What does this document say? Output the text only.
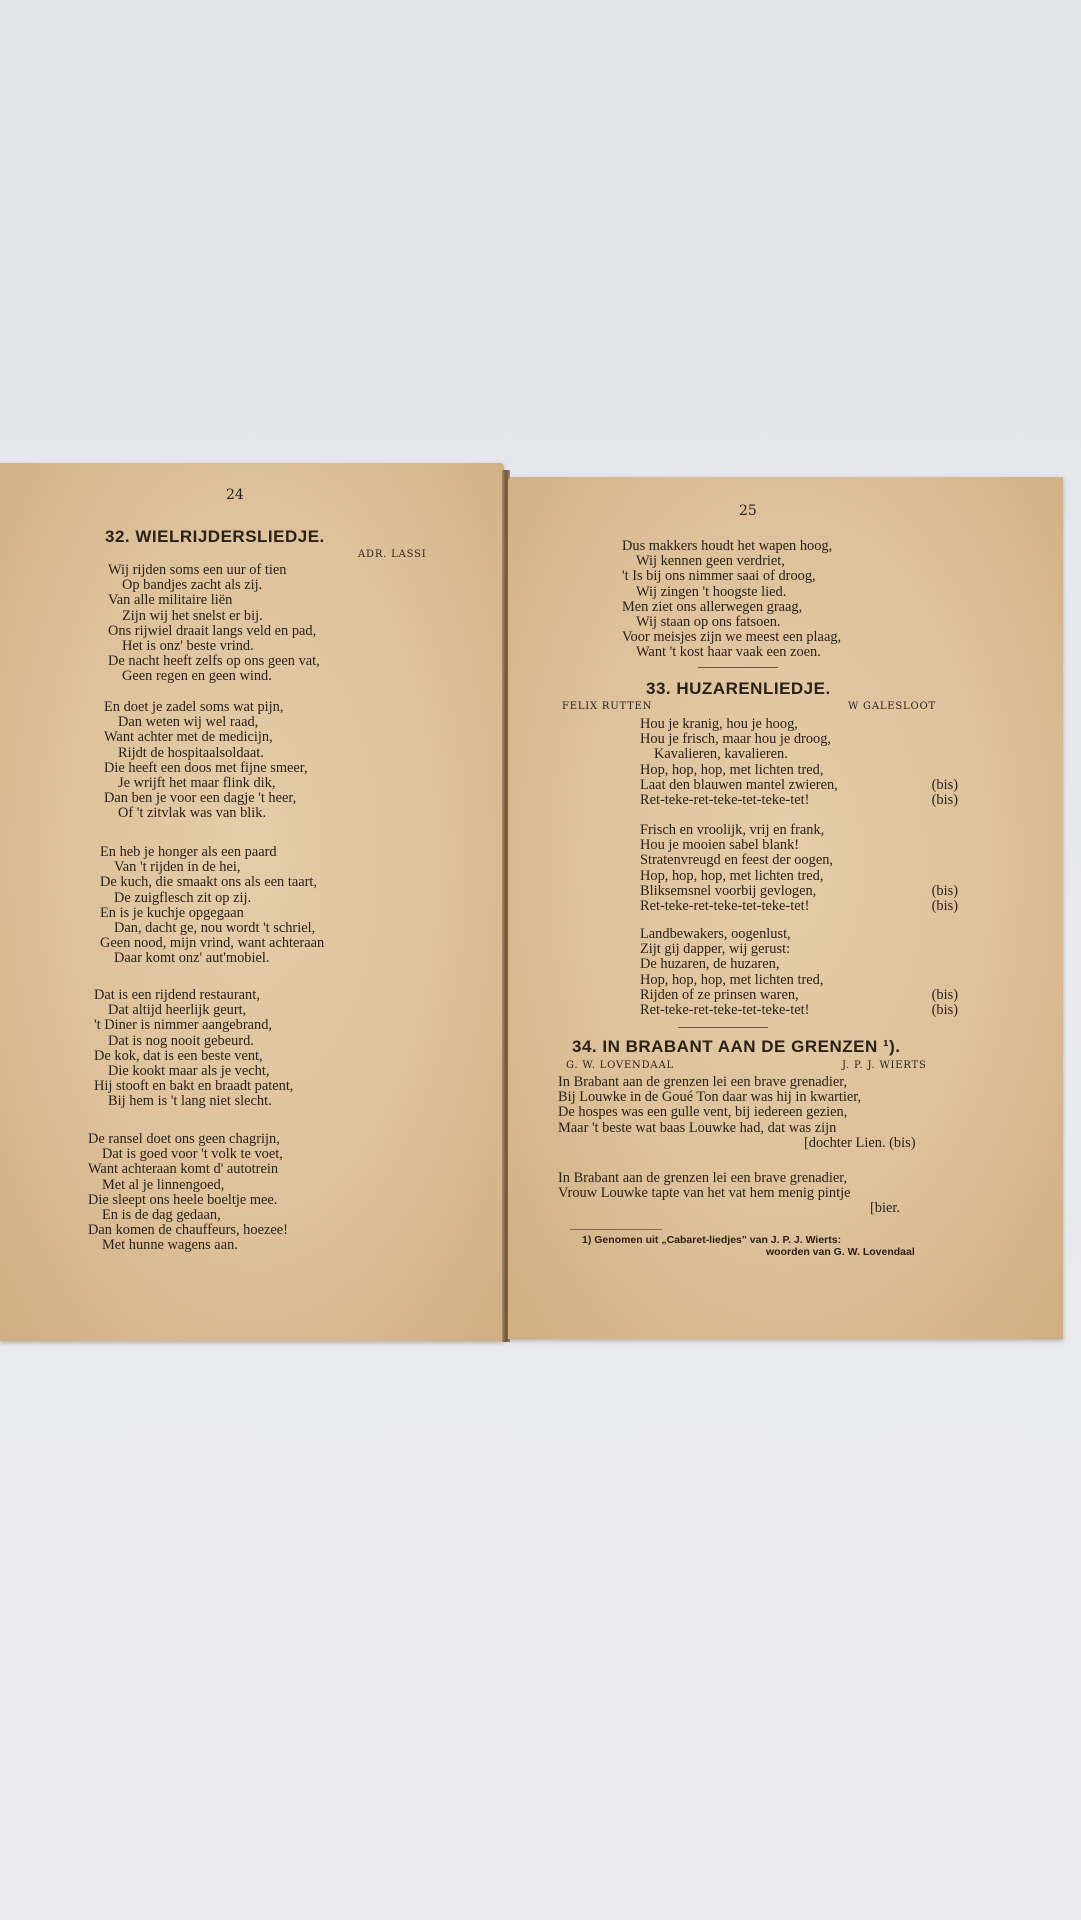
24
32. WIELRIJDERSLIEDJE.
ADR. LASSI
Wij rijden soms een uur of tien
Op bandjes zacht als zij.
Van alle militaire liën
Zijn wij het snelst er bij.
Ons rijwiel draait langs veld en pad,
Het is onz' beste vrind.
De nacht heeft zelfs op ons geen vat,
Geen regen en geen wind.
En doet je zadel soms wat pijn,
Dan weten wij wel raad,
Want achter met de medicijn,
Rijdt de hospitaalsoldaat.
Die heeft een doos met fijne smeer,
Je wrijft het maar flink dik,
Dan ben je voor een dagje 't heer,
Of 't zitvlak was van blik.
En heb je honger als een paard
Van 't rijden in de hei,
De kuch, die smaakt ons als een taart,
De zuigflesch zit op zij.
En is je kuchje opgegaan
Dan, dacht ge, nou wordt 't schriel,
Geen nood, mijn vrind, want achteraan
Daar komt onz' aut'mobiel.
Dat is een rijdend restaurant,
Dat altijd heerlijk geurt,
't Diner is nimmer aangebrand,
Dat is nog nooit gebeurd.
De kok, dat is een beste vent,
Die kookt maar als je vecht,
Hij stooft en bakt en braadt patent,
Bij hem is 't lang niet slecht.
De ransel doet ons geen chagrijn,
Dat is goed voor 't volk te voet,
Want achteraan komt d' autotrein
Met al je linnengoed,
Die sleept ons heele boeltje mee.
En is de dag gedaan,
Dan komen de chauffeurs, hoezee!
Met hunne wagens aan.
25
Dus makkers houdt het wapen hoog,
Wij kennen geen verdriet,
't Is bij ons nimmer saai of droog,
Wij zingen 't hoogste lied.
Men ziet ons allerwegen graag,
Wij staan op ons fatsoen.
Voor meisjes zijn we meest een plaag,
Want 't kost haar vaak een zoen.
33. HUZARENLIEDJE.
FELIX RUTTEN	W GALESLOOT
Hou je kranig, hou je hoog,
Hou je frisch, maar hou je droog,
Kavalieren, kavalieren.
Hop, hop, hop, met lichten tred,
Laat den blauwen mantel zwieren,	(bis)
Ret-teke-ret-teke-tet-teke-tet!	(bis)
Frisch en vroolijk, vrij en frank,
Hou je mooien sabel blank!
Stratenvreugd en feest der oogen,
Hop, hop, hop, met lichten tred,
Bliksemsnel voorbij gevlogen,	(bis)
Ret-teke-ret-teke-tet-teke-tet!	(bis)
Landbewakers, oogenlust,
Zijt gij dapper, wij gerust:
De huzaren, de huzaren,
Hop, hop, hop, met lichten tred,
Rijden of ze prinsen waren,	(bis)
Ret-teke-ret-teke-tet-teke-tet!	(bis)
34. IN BRABANT AAN DE GRENZEN ¹).
G. W. LOVENDAAL	J. P. J. WIERTS
In Brabant aan de grenzen lei een brave grenadier,
Bij Louwke in de Goué Ton daar was hij in kwartier,
De hospes was een gulle vent, bij iedereen gezien,
Maar 't beste wat baas Louwke had, dat was zijn
[dochter Lien. (bis)
In Brabant aan de grenzen lei een brave grenadier,
Vrouw Louwke tapte van het vat hem menig pintje
[bier.
1) Genomen uit „Cabaret-liedjes" van J. P. J. Wierts:
woorden van G. W. Lovendaal
